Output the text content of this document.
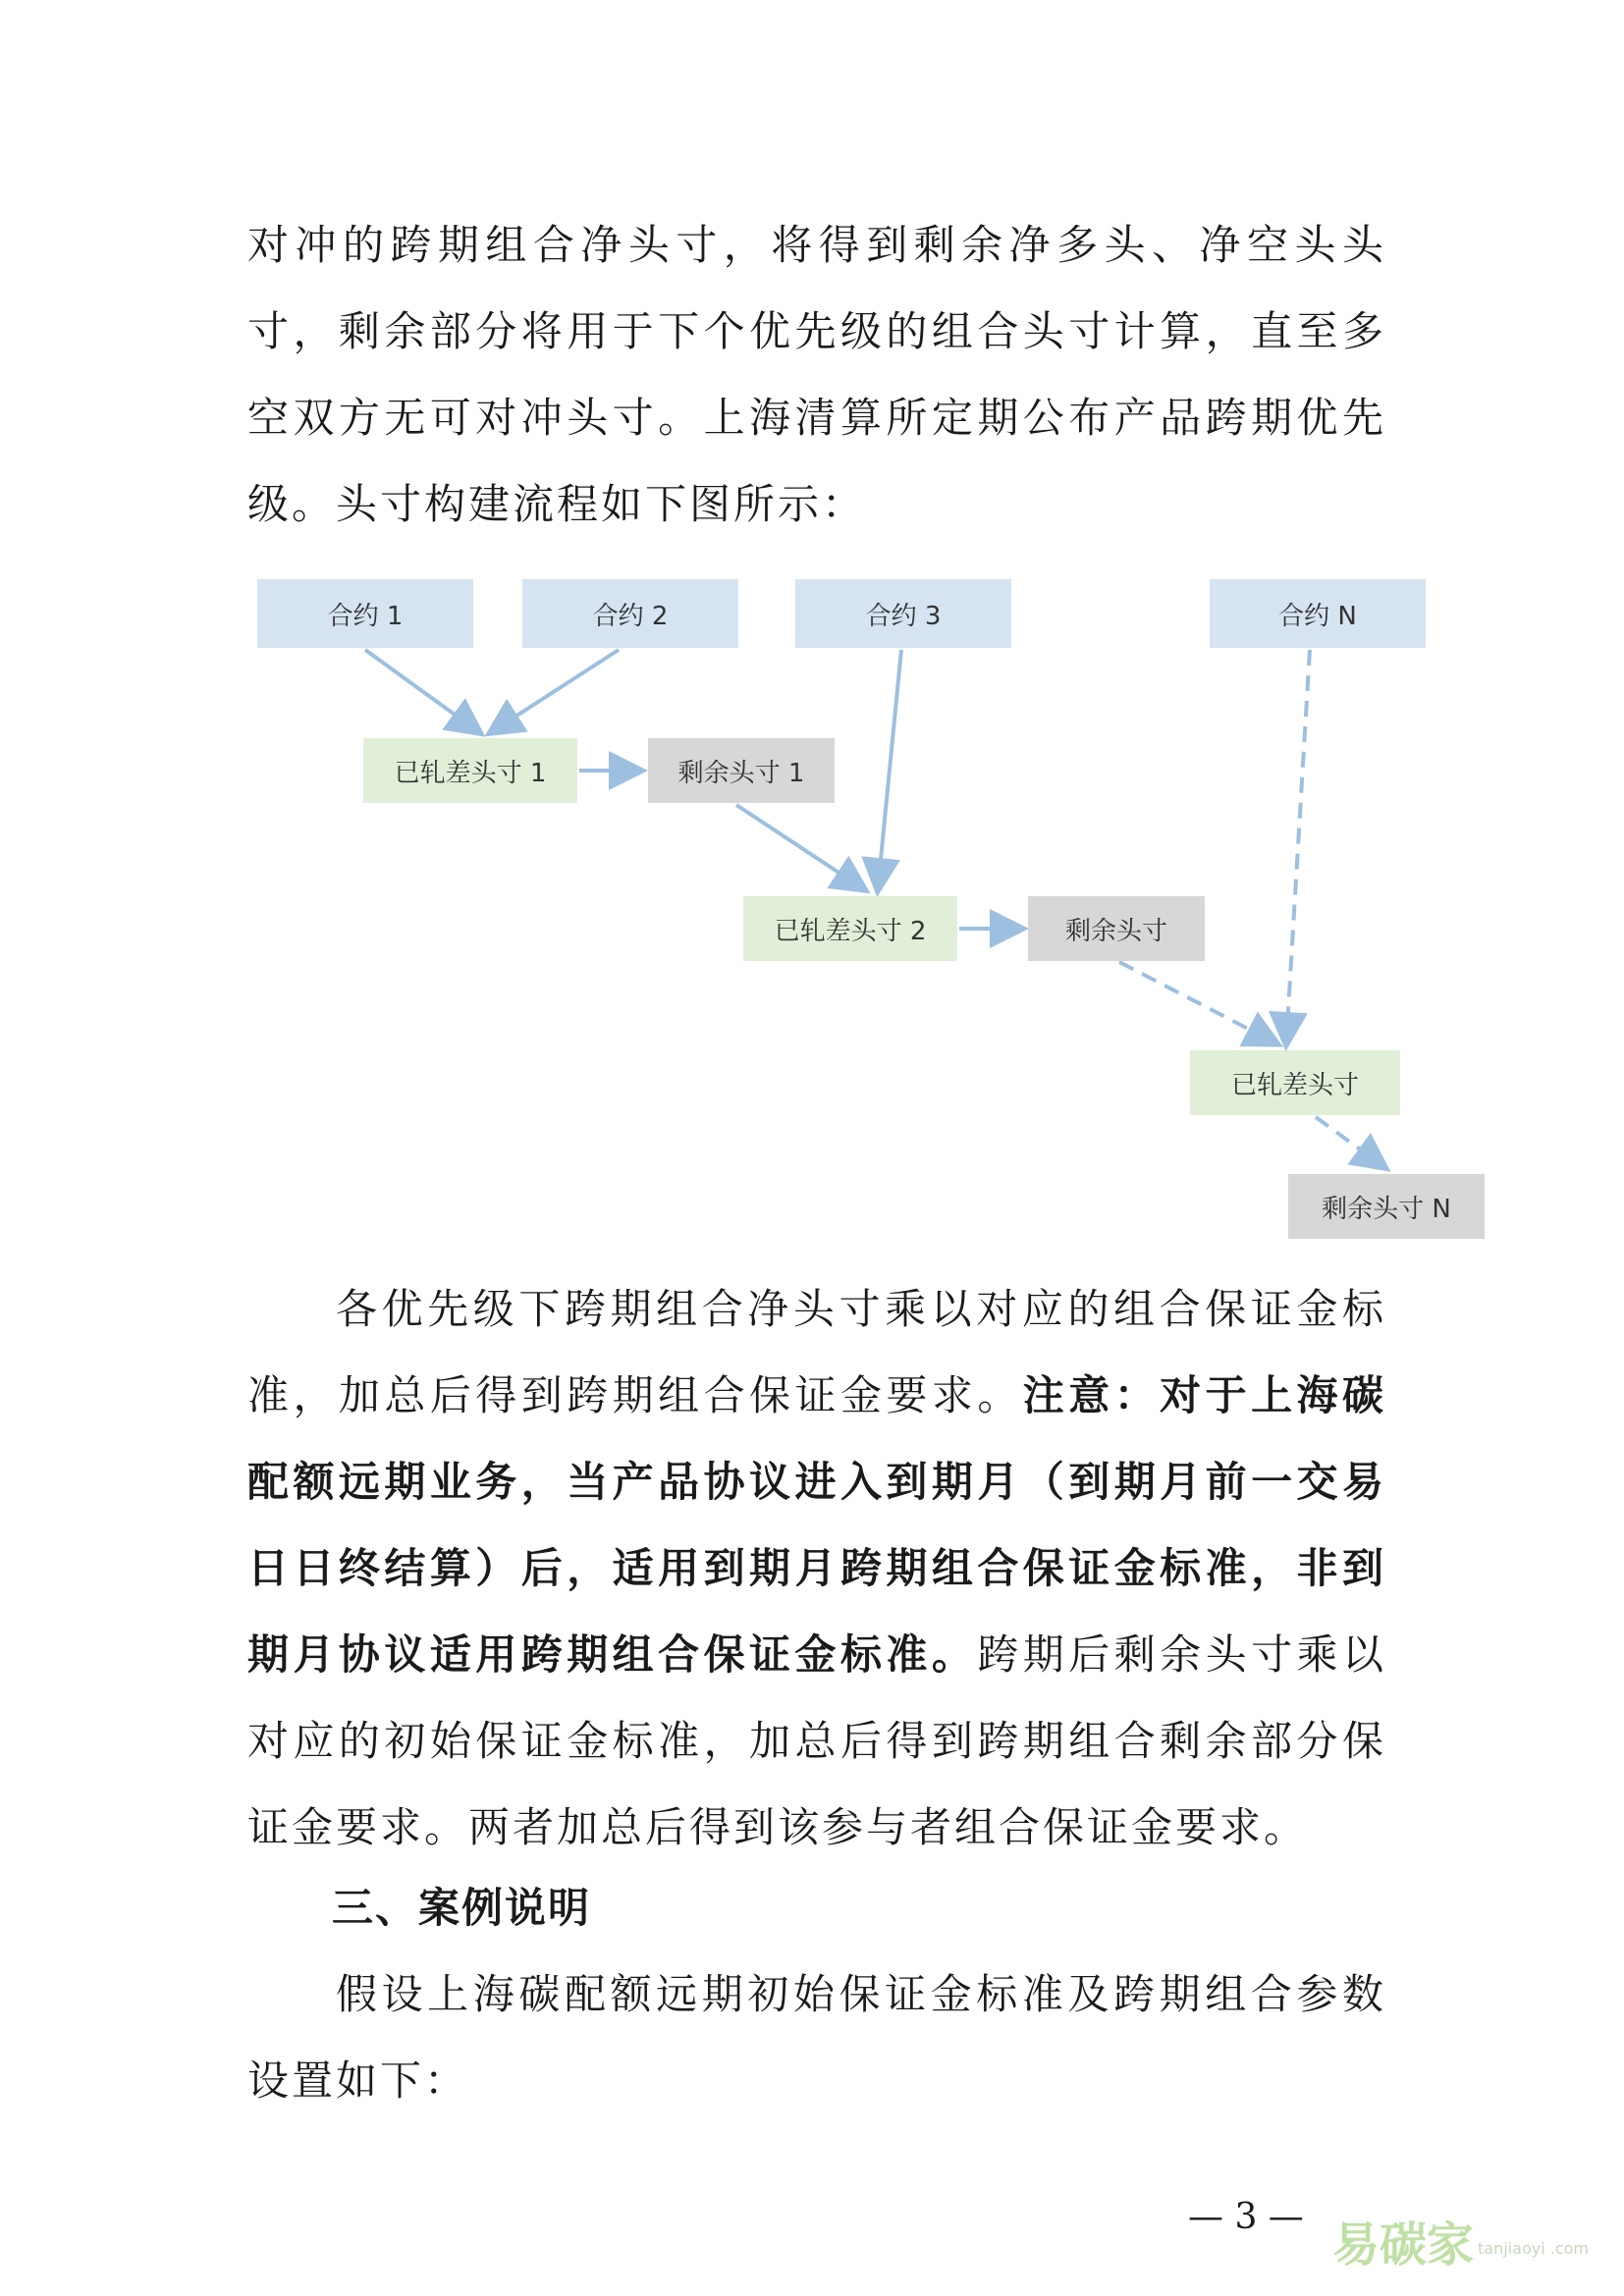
对冲的跨期组合净头寸，将得到剩余净多头、净空头头寸，剩余部分将用于下个优先级的组合头寸计算，直至多空双方无可对冲头寸。上海清算所定期公布产品跨期优先级。 头寸构建流程如下图所示：

合约 1	合约 2	合约 3	合约 N
已轧差头寸 1	剩余头寸 1
已轧差头寸 2	剩余头寸
已轧差头寸
剩余头寸 N

各优先级下跨期组合净头寸乘以对应的组合保证金标准，加总后得到跨期组合保证金要求。注意：对于上海碳配额远期业务，当产品协议进入到期月（到期月前一交易日日终结算）后，适用到期月跨期组合保证金标准，非到期月协议适用跨期组合保证金标准。跨期后剩余头寸乘以对应的初始保证金标准，加总后得到跨期组合剩余部分保证金要求。两者加总后得到该参与者组合保证金要求。

三、案例说明

假设上海碳配额远期初始保证金标准及跨期组合参数设置如下：

— 3 —
易碳家 tanjiaoyi .com
